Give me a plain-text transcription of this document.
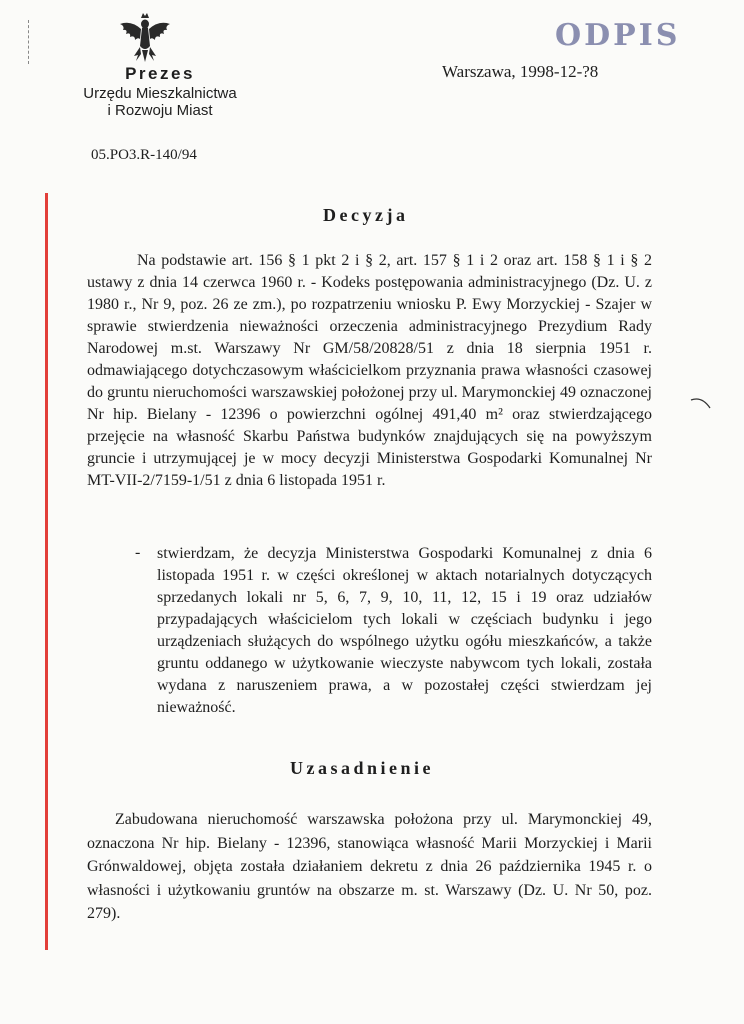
ODPIS
Warszawa, 1998-12-?8
Prezes
Urzędu Mieszkalnictwa
i Rozwoju Miast
05.PO3.R-140/94
Decyzja
Na podstawie art. 156 § 1 pkt 2 i § 2, art. 157 § 1 i 2 oraz art. 158 § 1 i § 2 ustawy z dnia 14 czerwca 1960 r. - Kodeks postępowania administracyjnego (Dz. U. z 1980 r., Nr 9, poz. 26 ze zm.), po rozpatrzeniu wniosku P. Ewy Morzyckiej - Szajer w sprawie stwierdzenia nieważności orzeczenia administracyjnego Prezydium Rady Narodowej m.st. Warszawy Nr GM/58/20828/51 z dnia 18 sierpnia 1951 r. odmawiającego dotychczasowym właścicielkom przyznania prawa własności czasowej do gruntu nieruchomości warszawskiej położonej przy ul. Marymonckiej 49 oznaczonej Nr hip. Bielany - 12396 o powierzchni ogólnej 491,40 m² oraz stwierdzającego przejęcie na własność Skarbu Państwa budynków znajdujących się na powyższym gruncie i utrzymującej je w mocy decyzji Ministerstwa Gospodarki Komunalnej Nr MT-VII-2/7159-1/51 z dnia 6 listopada 1951 r.
- stwierdzam, że decyzja Ministerstwa Gospodarki Komunalnej z dnia 6 listopada 1951 r. w części określonej w aktach notarialnych dotyczących sprzedanych lokali nr 5, 6, 7, 9, 10, 11, 12, 15 i 19 oraz udziałów przypadających właścicielom tych lokali w częściach budynku i jego urządzeniach służących do wspólnego użytku ogółu mieszkańców, a także gruntu oddanego w użytkowanie wieczyste nabywcom tych lokali, została wydana z naruszeniem prawa, a w pozostałej części stwierdzam jej nieważność.
Uzasadnienie
Zabudowana nieruchomość warszawska położona przy ul. Marymonckiej 49, oznaczona Nr hip. Bielany - 12396, stanowiąca własność Marii Morzyckiej i Marii Grónwaldowej, objęta została działaniem dekretu z dnia 26 października 1945 r. o własności i użytkowaniu gruntów na obszarze m. st. Warszawy (Dz. U. Nr 50, poz. 279).
